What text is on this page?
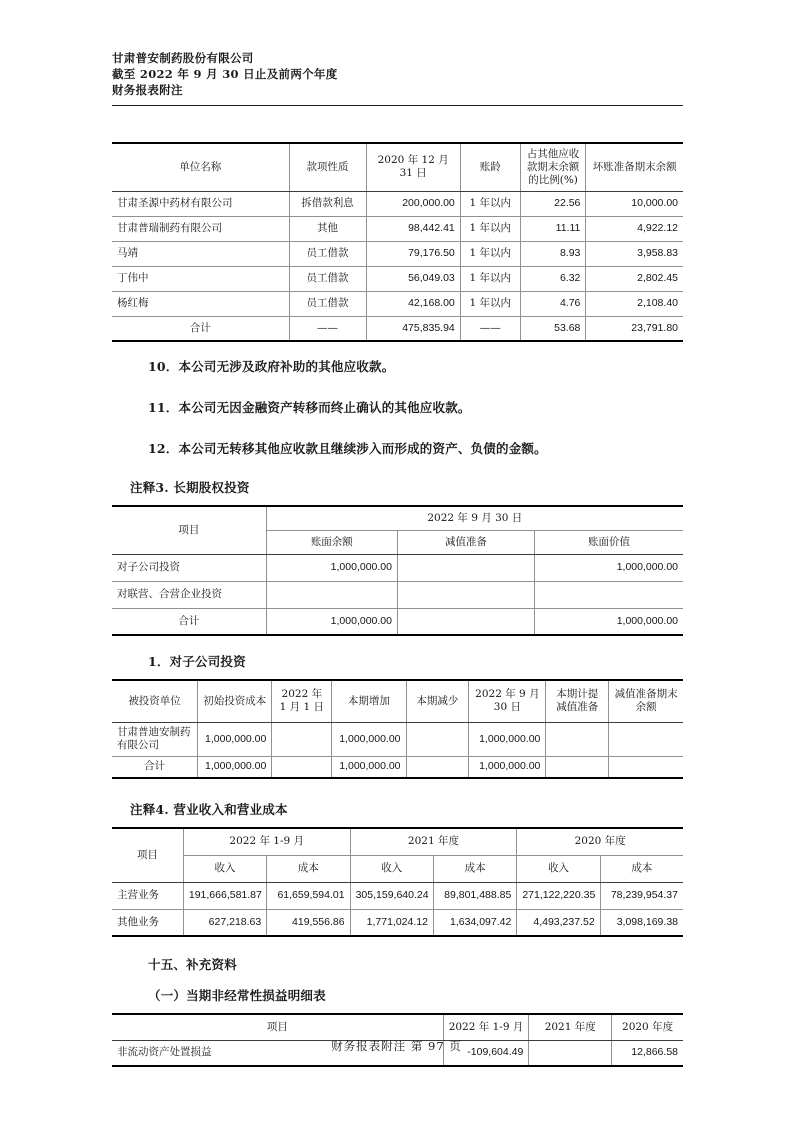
甘肃普安制药股份有限公司
截至 2022 年 9 月 30 日止及前两个年度
财务报表附注
单位名称	款项性质	2020 年 12 月 31 日	账龄	占其他应收款期末余额的比例(%)	坏账准备期末余额
甘肃圣源中药材有限公司	拆借款利息	200,000.00	1 年以内	22.56	10,000.00
甘肃普瑞制药有限公司	其他	98,442.41	1 年以内	11.11	4,922.12
马靖	员工借款	79,176.50	1 年以内	8.93	3,958.83
丁伟中	员工借款	56,049.03	1 年以内	6.32	2,802.45
杨红梅	员工借款	42,168.00	1 年以内	4.76	2,108.40
合计	——	475,835.94	——	53.68	23,791.80
10．本公司无涉及政府补助的其他应收款。
11．本公司无因金融资产转移而终止确认的其他应收款。
12．本公司无转移其他应收款且继续涉入而形成的资产、负债的金额。
注释3. 长期股权投资
项目	2022 年 9 月 30 日		
	账面余额	减值准备	账面价值
对子公司投资	1,000,000.00		1,000,000.00
对联营、合营企业投资			
合计	1,000,000.00		1,000,000.00
1．对子公司投资
被投资单位	初始投资成本	2022 年 1 月 1 日	本期增加	本期减少	2022 年 9 月 30 日	本期计提减值准备	减值准备期末余额
甘肃普迪安制药有限公司	1,000,000.00		1,000,000.00		1,000,000.00		
合计	1,000,000.00		1,000,000.00		1,000,000.00		
注释4. 营业收入和营业成本
项目	2022 年 1-9 月		2021 年度		2020 年度	
	收入	成本	收入	成本	收入	成本
主营业务	191,666,581.87	61,659,594.01	305,159,640.24	89,801,488.85	271,122,220.35	78,239,954.37
其他业务	627,218.63	419,556.86	1,771,024.12	1,634,097.42	4,493,237.52	3,098,169.38
十五、补充资料
（一）当期非经常性损益明细表
项目	2022 年 1-9 月	2021 年度	2020 年度
非流动资产处置损益	-109,604.49		12,866.58
财务报表附注 第 97 页
